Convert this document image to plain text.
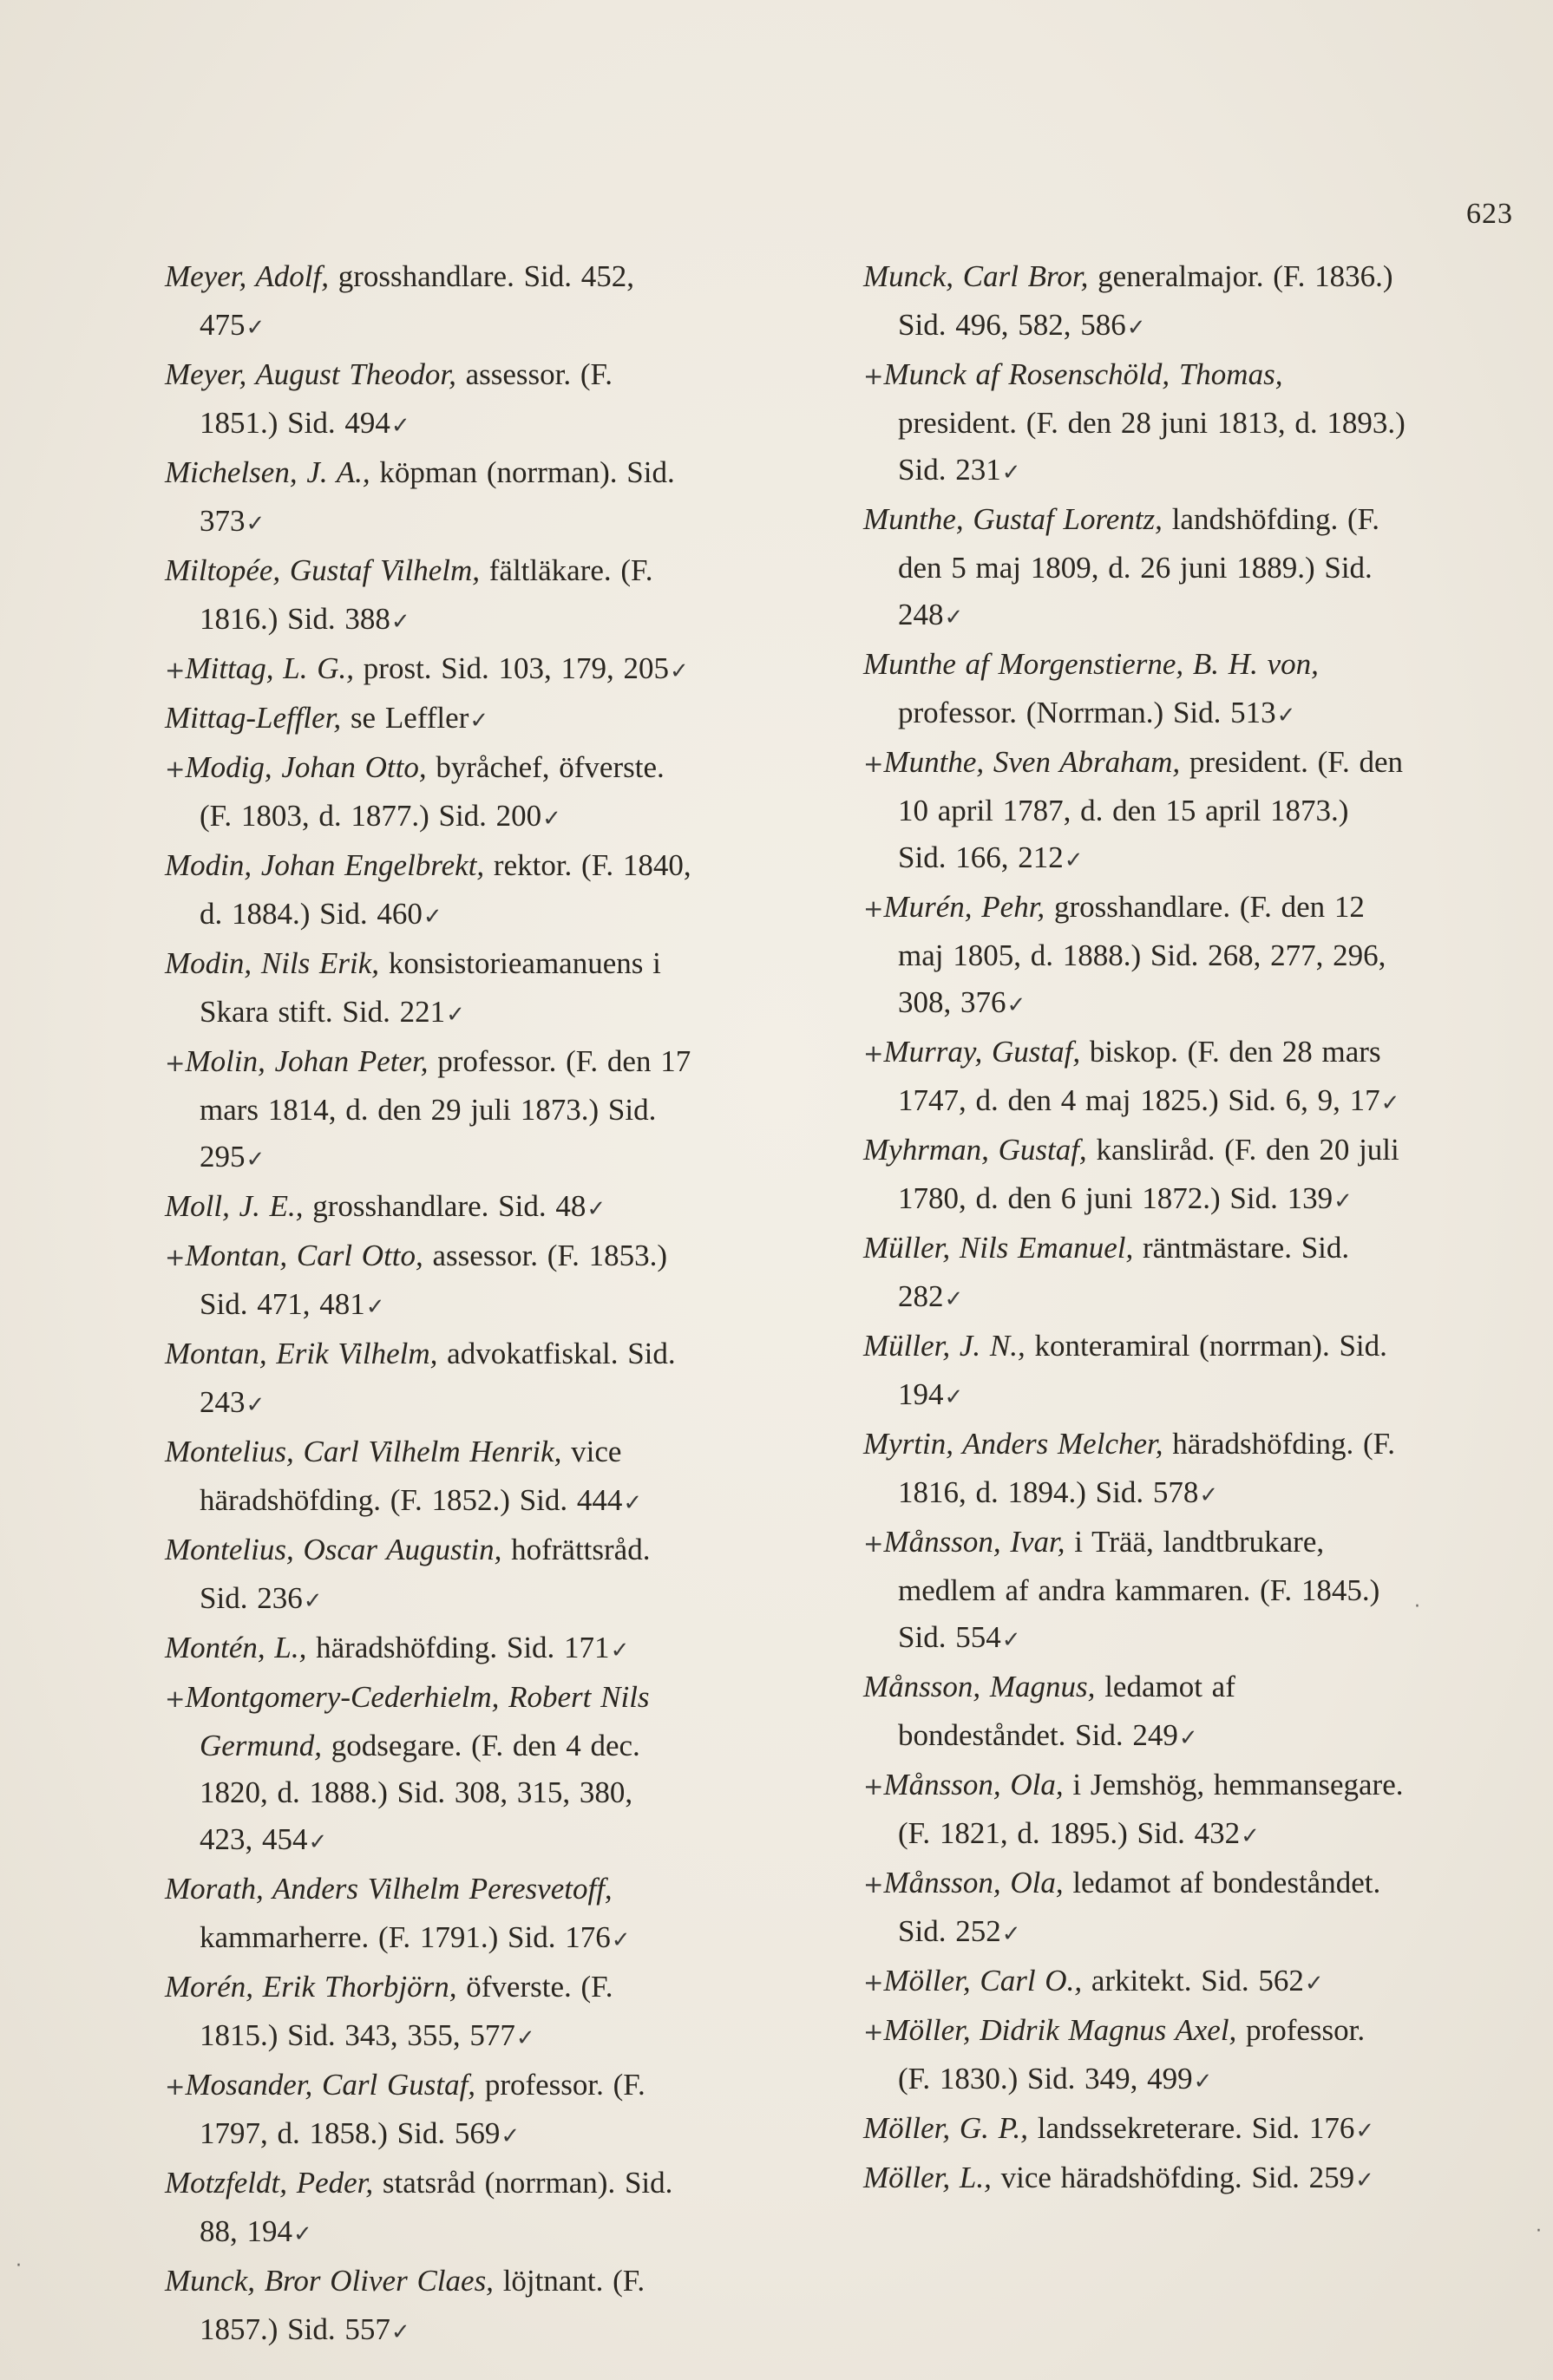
623

Meyer, Adolf, grosshandlare. Sid. 452, 475✓

Meyer, August Theodor, assessor. (F. 1851.) Sid. 494✓

Michelsen, J. A., köpman (norrman). Sid. 373✓

Miltopée, Gustaf Vilhelm, fältläkare. (F. 1816.) Sid. 388✓

+Mittag, L. G., prost. Sid. 103, 179, 205✓

Mittag-Leffler, se Leffler✓

+Modig, Johan Otto, byråchef, öfverste. (F. 1803, d. 1877.) Sid. 200✓

Modin, Johan Engelbrekt, rektor. (F. 1840, d. 1884.) Sid. 460✓

Modin, Nils Erik, konsistorieamanuens i Skara stift. Sid. 221✓

+Molin, Johan Peter, professor. (F. den 17 mars 1814, d. den 29 juli 1873.) Sid. 295✓

Moll, J. E., grosshandlare. Sid. 48✓

+Montan, Carl Otto, assessor. (F. 1853.) Sid. 471, 481✓

Montan, Erik Vilhelm, advokatfiskal. Sid. 243✓

Montelius, Carl Vilhelm Henrik, vice häradshöfding. (F. 1852.) Sid. 444✓

Montelius, Oscar Augustin, hofrättsråd. Sid. 236✓

Montén, L., häradshöfding. Sid. 171✓

+Montgomery-Cederhielm, Robert Nils Germund, godsegare. (F. den 4 dec. 1820, d. 1888.) Sid. 308, 315, 380, 423, 454✓

Morath, Anders Vilhelm Peresvetoff, kammarherre. (F. 1791.) Sid. 176✓

Morén, Erik Thorbjörn, öfverste. (F. 1815.) Sid. 343, 355, 577✓

+Mosander, Carl Gustaf, professor. (F. 1797, d. 1858.) Sid. 569✓

Motzfeldt, Peder, statsråd (norrman). Sid. 88, 194✓

Munck, Bror Oliver Claes, löjtnant. (F. 1857.) Sid. 557✓

Munck, Carl Bror, generalmajor. (F. 1836.) Sid. 496, 582, 586✓

+Munck af Rosenschöld, Thomas, president. (F. den 28 juni 1813, d. 1893.) Sid. 231✓

Munthe, Gustaf Lorentz, landshöfding. (F. den 5 maj 1809, d. 26 juni 1889.) Sid. 248✓

Munthe af Morgenstierne, B. H. von, professor. (Norrman.) Sid. 513✓

+Munthe, Sven Abraham, president. (F. den 10 april 1787, d. den 15 april 1873.) Sid. 166, 212✓

+Murén, Pehr, grosshandlare. (F. den 12 maj 1805, d. 1888.) Sid. 268, 277, 296, 308, 376✓

+Murray, Gustaf, biskop. (F. den 28 mars 1747, d. den 4 maj 1825.) Sid. 6, 9, 17✓

Myhrman, Gustaf, kansliråd. (F. den 20 juli 1780, d. den 6 juni 1872.) Sid. 139✓

Müller, Nils Emanuel, räntmästare. Sid. 282✓

Müller, J. N., konteramiral (norrman). Sid. 194✓

Myrtin, Anders Melcher, häradshöfding. (F. 1816, d. 1894.) Sid. 578✓

+Månsson, Ivar, i Trää, landtbrukare, medlem af andra kammaren. (F. 1845.) Sid. 554✓

Månsson, Magnus, ledamot af bondeståndet. Sid. 249✓

+Månsson, Ola, i Jemshög, hemmansegare. (F. 1821, d. 1895.) Sid. 432✓

+Månsson, Ola, ledamot af bondeståndet. Sid. 252✓

+Möller, Carl O., arkitekt. Sid. 562✓

+Möller, Didrik Magnus Axel, professor. (F. 1830.) Sid. 349, 499✓

Möller, G. P., landssekreterare. Sid. 176✓

Möller, L., vice häradshöfding. Sid. 259✓

·
·
·
